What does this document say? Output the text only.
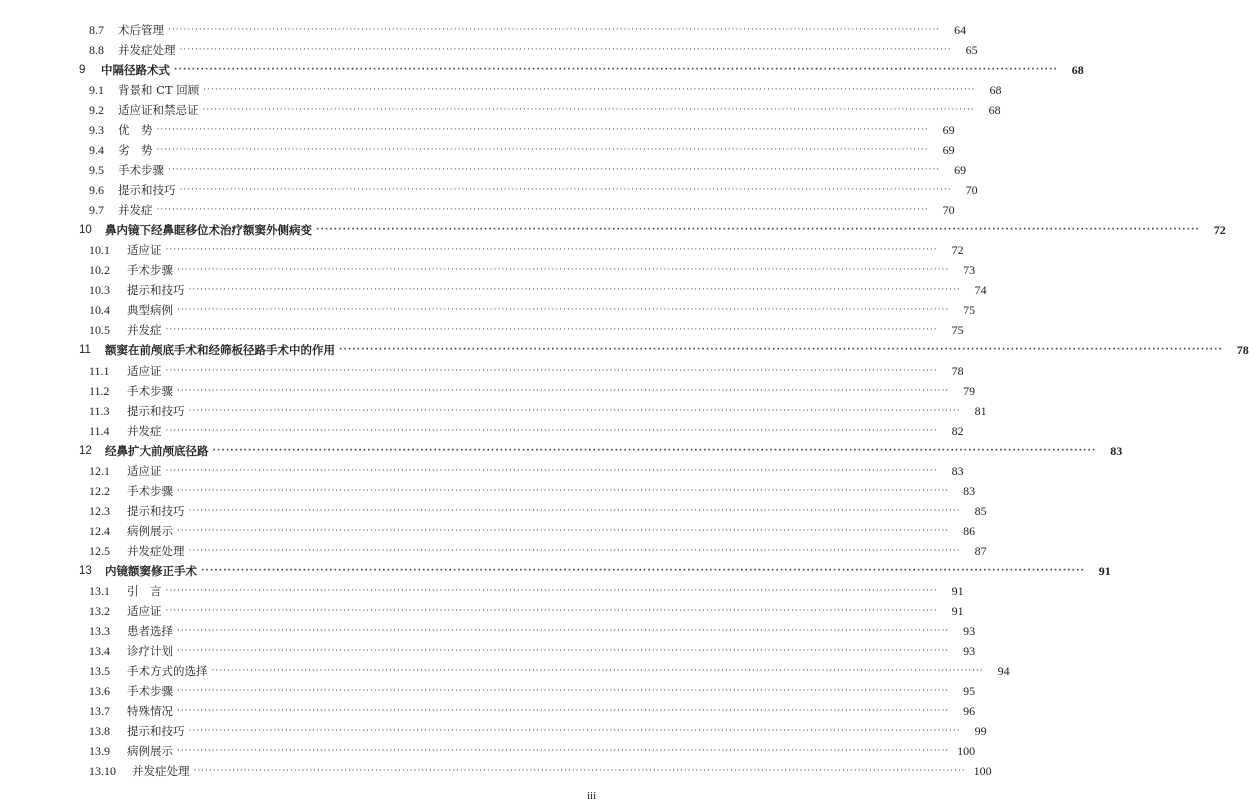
8.7	术后管理 ········································································································································································································	64
8.8	并发症处理 ········································································································································································································	65
9	中隔径路术式 ········································································································································································································	68
9.1	背景和 CT 回顾 ········································································································································································································	68
9.2	适应证和禁忌证 ········································································································································································································	68
9.3	优　势 ········································································································································································································	69
9.4	劣　势 ········································································································································································································	69
9.5	手术步骤 ········································································································································································································	69
9.6	提示和技巧 ········································································································································································································	70
9.7	并发症 ········································································································································································································	70
10	鼻内镜下经鼻眶移位术治疗额窦外侧病变 ········································································································································································································	72
10.1	适应证 ········································································································································································································	72
10.2	手术步骤 ········································································································································································································	73
10.3	提示和技巧 ········································································································································································································	74
10.4	典型病例 ········································································································································································································	75
10.5	并发症 ········································································································································································································	75
11	额窦在前颅底手术和经筛板径路手术中的作用 ········································································································································································································	78
11.1	适应证 ········································································································································································································	78
11.2	手术步骤 ········································································································································································································	79
11.3	提示和技巧 ········································································································································································································	81
11.4	并发症 ········································································································································································································	82
12	经鼻扩大前颅底径路 ········································································································································································································	83
12.1	适应证 ········································································································································································································	83
12.2	手术步骤 ········································································································································································································	83
12.3	提示和技巧 ········································································································································································································	85
12.4	病例展示 ········································································································································································································	86
12.5	并发症处理 ········································································································································································································	87
13	内镜额窦修正手术 ········································································································································································································	91
13.1	引　言 ········································································································································································································	91
13.2	适应证 ········································································································································································································	91
13.3	患者选择 ········································································································································································································	93
13.4	诊疗计划 ········································································································································································································	93
13.5	手术方式的选择 ········································································································································································································	94
13.6	手术步骤 ········································································································································································································	95
13.7	特殊情况 ········································································································································································································	96
13.8	提示和技巧 ········································································································································································································	99
13.9	病例展示 ········································································································································································································ 100
13.10	并发症处理 ········································································································································································································ 100
iii
